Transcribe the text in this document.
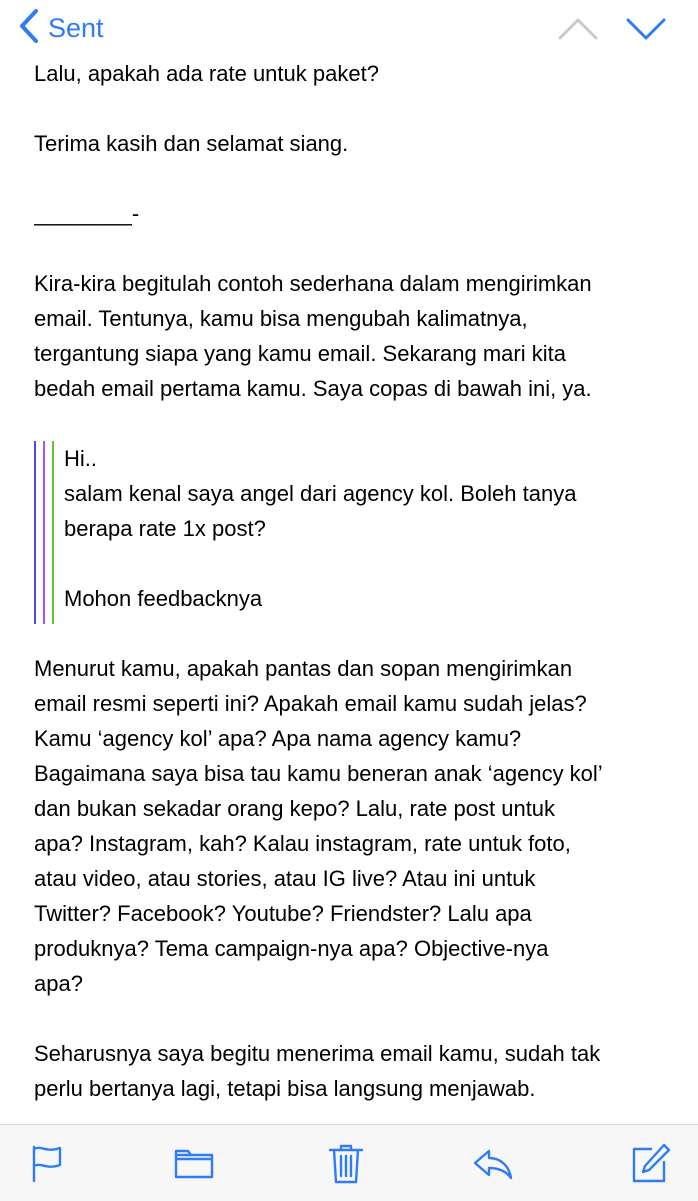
Sent

Lalu, apakah ada rate untuk paket?

Terima kasih dan selamat siang.

________-

Kira-kira begitulah contoh sederhana dalam mengirimkan

email. Tentunya, kamu bisa mengubah kalimatnya,

tergantung siapa yang kamu email. Sekarang mari kita

bedah email pertama kamu. Saya copas di bawah ini, ya.

Hi..

salam kenal saya angel dari agency kol. Boleh tanya

berapa rate 1x post?

Mohon feedbacknya

Menurut kamu, apakah pantas dan sopan mengirimkan

email resmi seperti ini? Apakah email kamu sudah jelas?

Kamu ‘agency kol’ apa? Apa nama agency kamu?

Bagaimana saya bisa tau kamu beneran anak ‘agency kol’

dan bukan sekadar orang kepo? Lalu, rate post untuk

apa? Instagram, kah? Kalau instagram, rate untuk foto,

atau video, atau stories, atau IG live? Atau ini untuk

Twitter? Facebook? Youtube? Friendster? Lalu apa

produknya? Tema campaign-nya apa? Objective-nya

apa?

Seharusnya saya begitu menerima email kamu, sudah tak

perlu bertanya lagi, tetapi bisa langsung menjawab.
